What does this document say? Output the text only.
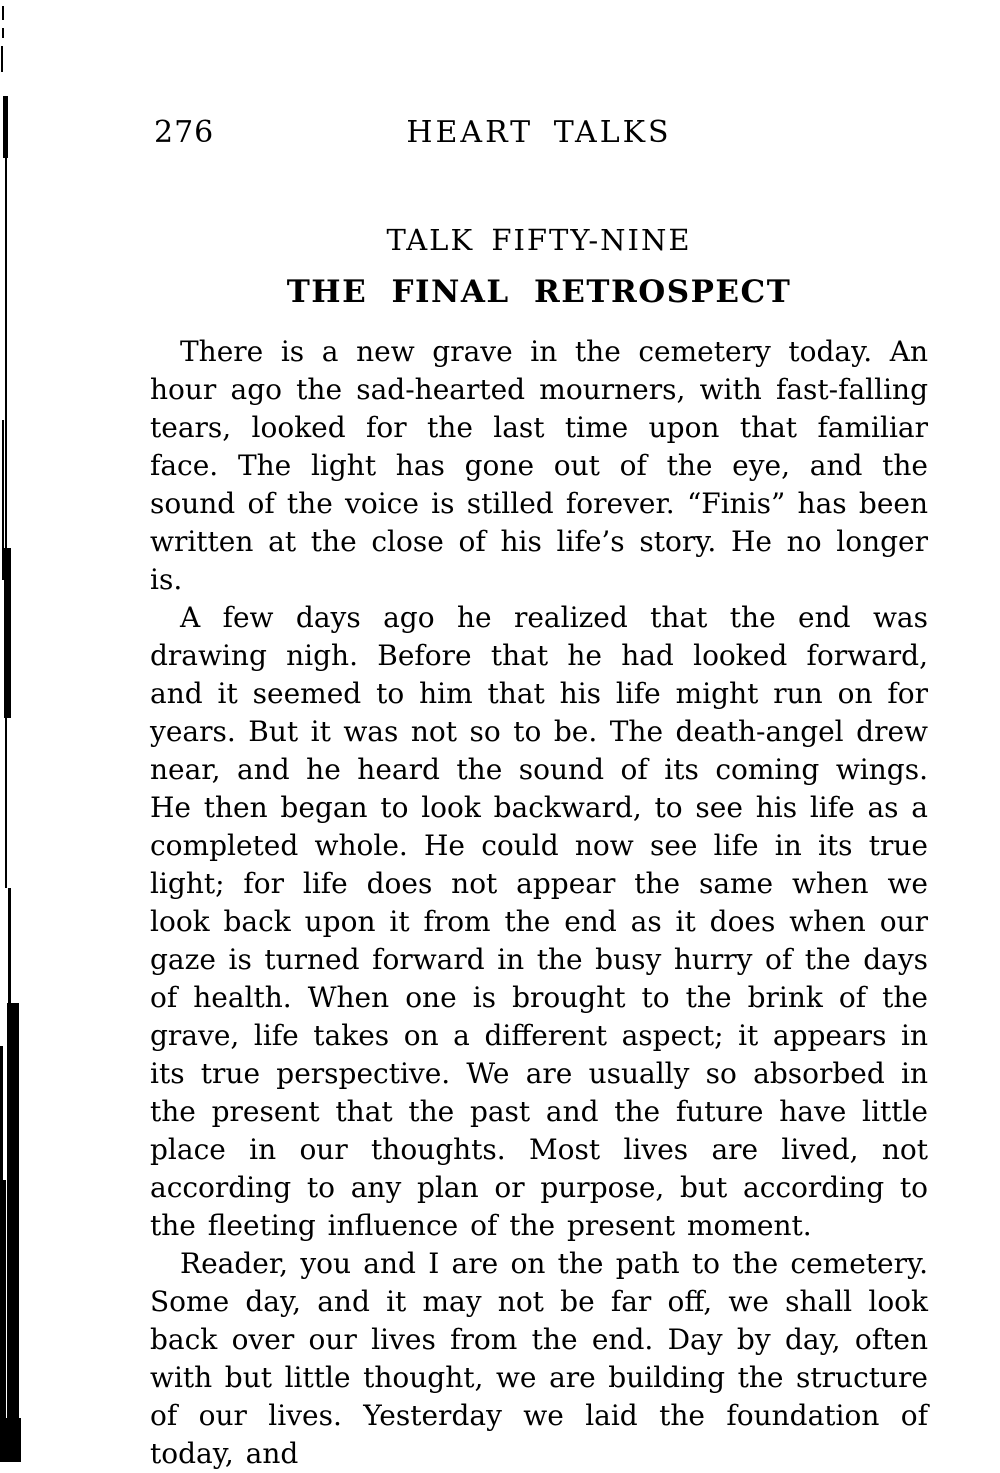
276	HEART TALKS
TALK FIFTY-NINE
THE FINAL RETROSPECT

There is a new grave in the cemetery today. An hour ago the sad-hearted mourners, with fast-falling tears, looked for the last time upon that familiar face. The light has gone out of the eye, and the sound of the voice is stilled forever. “Finis” has been written at the close of his life’s story. He no longer is.

A few days ago he realized that the end was drawing nigh. Before that he had looked forward, and it seemed to him that his life might run on for years. But it was not so to be. The death-angel drew near, and he heard the sound of its coming wings. He then began to look backward, to see his life as a completed whole. He could now see life in its true light; for life does not appear the same when we look back upon it from the end as it does when our gaze is turned forward in the busy hurry of the days of health. When one is brought to the brink of the grave, life takes on a different aspect; it appears in its true perspective. We are usually so absorbed in the present that the past and the future have little place in our thoughts. Most lives are lived, not according to any plan or purpose, but according to the fleeting influence of the present moment.

Reader, you and I are on the path to the cemetery. Some day, and it may not be far off, we shall look back over our lives from the end. Day by day, often with but little thought, we are building the structure of our lives. Yesterday we laid the foundation of today, and
